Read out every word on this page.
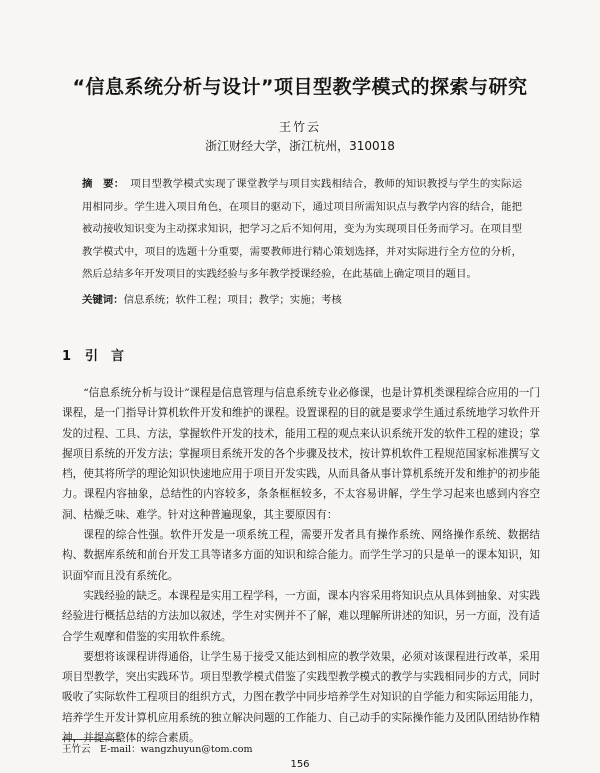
“信息系统分析与设计”项目型教学模式的探索与研究
王竹云
浙江财经大学，浙江杭州，310018
摘　要： 项目型教学模式实现了课堂教学与项目实践相结合，教师的知识教授与学生的实际运用相同步。学生进入项目角色，在项目的驱动下，通过项目所需知识点与教学内容的结合，能把被动接收知识变为主动探求知识，把学习之后不知何用，变为为实现项目任务而学习。在项目型教学模式中，项目的选题十分重要，需要教师进行精心策划选择，并对实际进行全方位的分析，然后总结多年开发项目的实践经验与多年教学授课经验，在此基础上确定项目的题目。
关键词：信息系统；软件工程；项目；教学；实施；考核
1 引　言

“信息系统分析与设计”课程是信息管理与信息系统专业必修课，也是计算机类课程综合应用的一门课程，是一门指导计算机软件开发和维护的课程。设置课程的目的就是要求学生通过系统地学习软件开发的过程、工具、方法，掌握软件开发的技术，能用工程的观点来认识系统开发的软件工程的建设；掌握项目系统的开发方法；掌握项目系统开发的各个步骤及技术，按计算机软件工程规范国家标准撰写文档，使其将所学的理论知识快速地应用于项目开发实践，从而具备从事计算机系统开发和维护的初步能力。课程内容抽象，总结性的内容较多，条条框框较多，不太容易讲解，学生学习起来也感到内容空洞、枯燥乏味、难学。针对这种普遍现象，其主要原因有：

课程的综合性强。软件开发是一项系统工程，需要开发者具有操作系统、网络操作系统、数据结构、数据库系统和前台开发工具等诸多方面的知识和综合能力。而学生学习的只是单一的课本知识，知识面窄而且没有系统化。

实践经验的缺乏。本课程是实用工程学科，一方面，课本内容采用将知识点从具体到抽象、对实践经验进行概括总结的方法加以叙述，学生对实例并不了解，难以理解所讲述的知识，另一方面，没有适合学生观摩和借鉴的实用软件系统。

要想将该课程讲得通俗，让学生易于接受又能达到相应的教学效果，必须对该课程进行改革，采用项目型教学，突出实践环节。项目型教学模式借鉴了实践型教学模式的教学与实践相同步的方式，同时吸收了实际软件工程项目的组织方式，力图在教学中同步培养学生对知识的自学能力和实际运用能力，培养学生开发计算机应用系统的独立解决问题的工作能力、自己动手的实际操作能力及团队团结协作精神，并提高整体的综合素质。

王竹云　E-mail：wangzhuyun@tom.com
156
